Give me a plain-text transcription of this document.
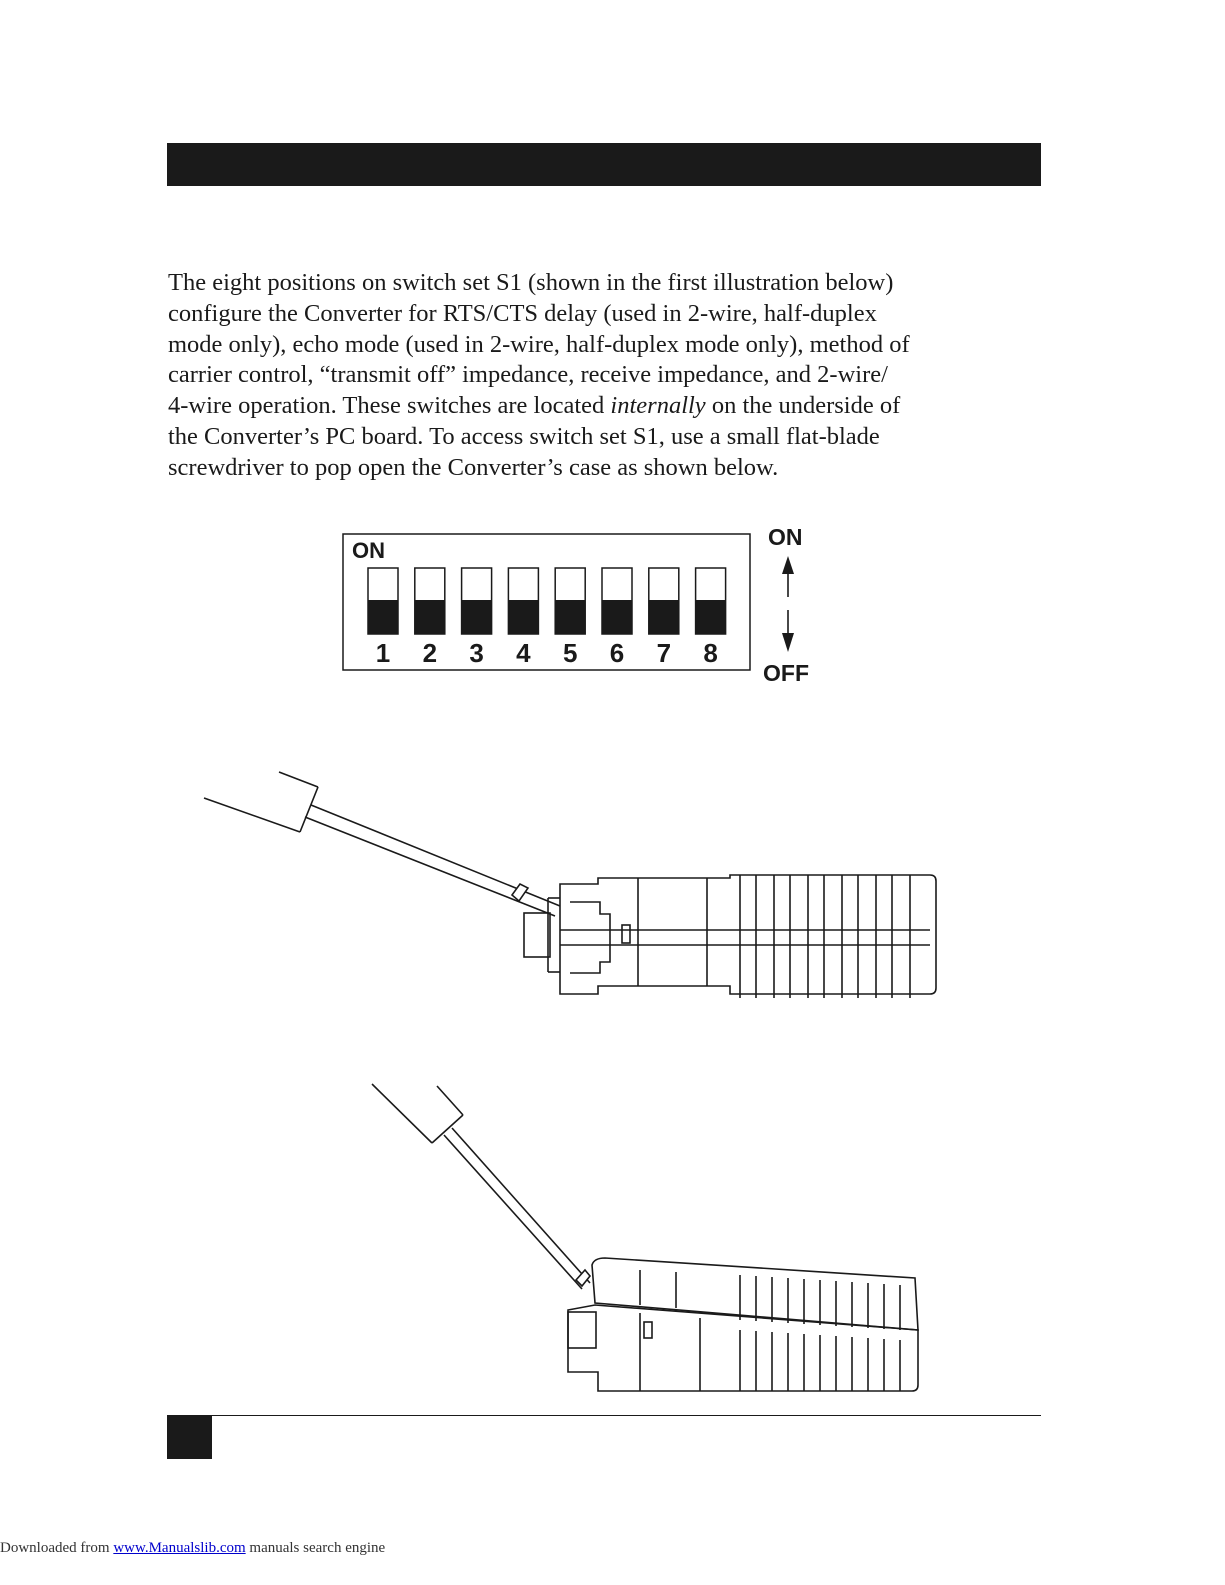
The eight positions on switch set S1 (shown in the first illustration below)

configure the Converter for RTS/CTS delay (used in 2-wire, half-duplex

mode only), echo mode (used in 2-wire, half-duplex mode only), method of

carrier control, “transmit off” impedance, receive impedance, and 2-wire/

4-wire operation. These switches are located internally on the underside of

the Converter’s PC board. To access switch set S1, use a small flat-blade

screwdriver to pop open the Converter’s case as shown below.

ON
1 2 3 4 5 6 7 8
ON
OFF
Downloaded from www.Manualslib.com manuals search engine
